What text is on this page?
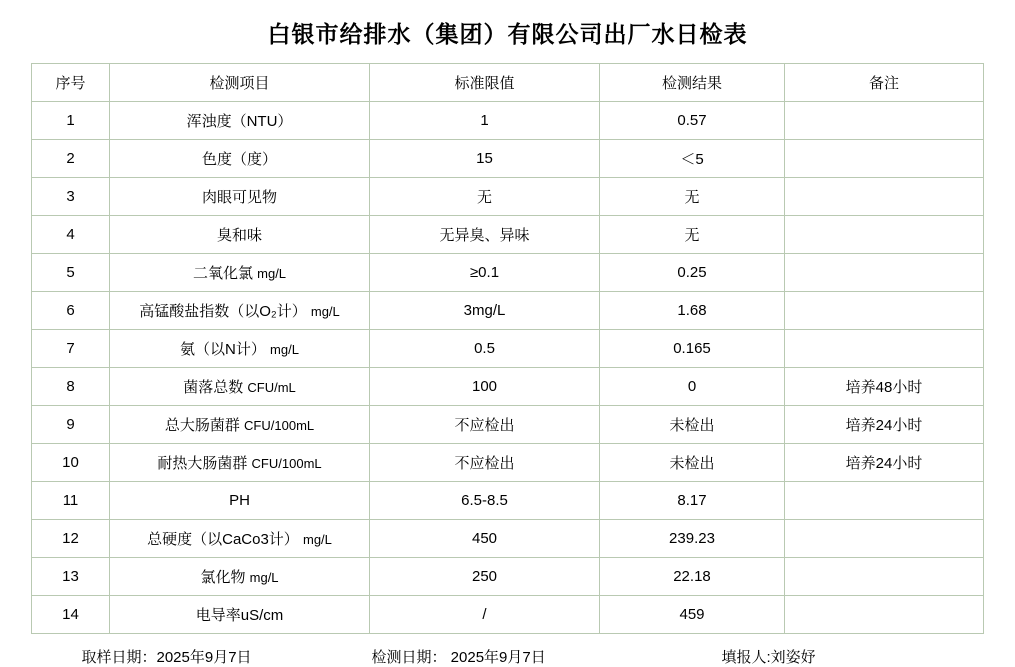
白银市给排水（集团）有限公司出厂水日检表
序号	检测项目	标准限值	检测结果	备注
1	浑浊度（NTU）	1	0.57	
2	色度（度）	15	＜5	
3	肉眼可见物	无	无	
4	臭和味	无异臭、异味	无	
5	二氧化氯 mg/L	≥0.1	0.25	
6	高锰酸盐指数（以O₂计） mg/L	3mg/L	1.68	
7	氨（以N计） mg/L	0.5	0.165	
8	菌落总数 CFU/mL	100	0	培养48小时
9	总大肠菌群 CFU/100mL	不应检出	未检出	培养24小时
10	耐热大肠菌群 CFU/100mL	不应检出	未检出	培养24小时
11	PH	6.5-8.5	8.17	
12	总硬度（以CaCo3计） mg/L	450	239.23	
13	氯化物 mg/L	250	22.18	
14	电导率uS/cm	/	459	
取样日期：2025年9月7日	检测日期： 2025年9月7日	填报人:刘姿妤
